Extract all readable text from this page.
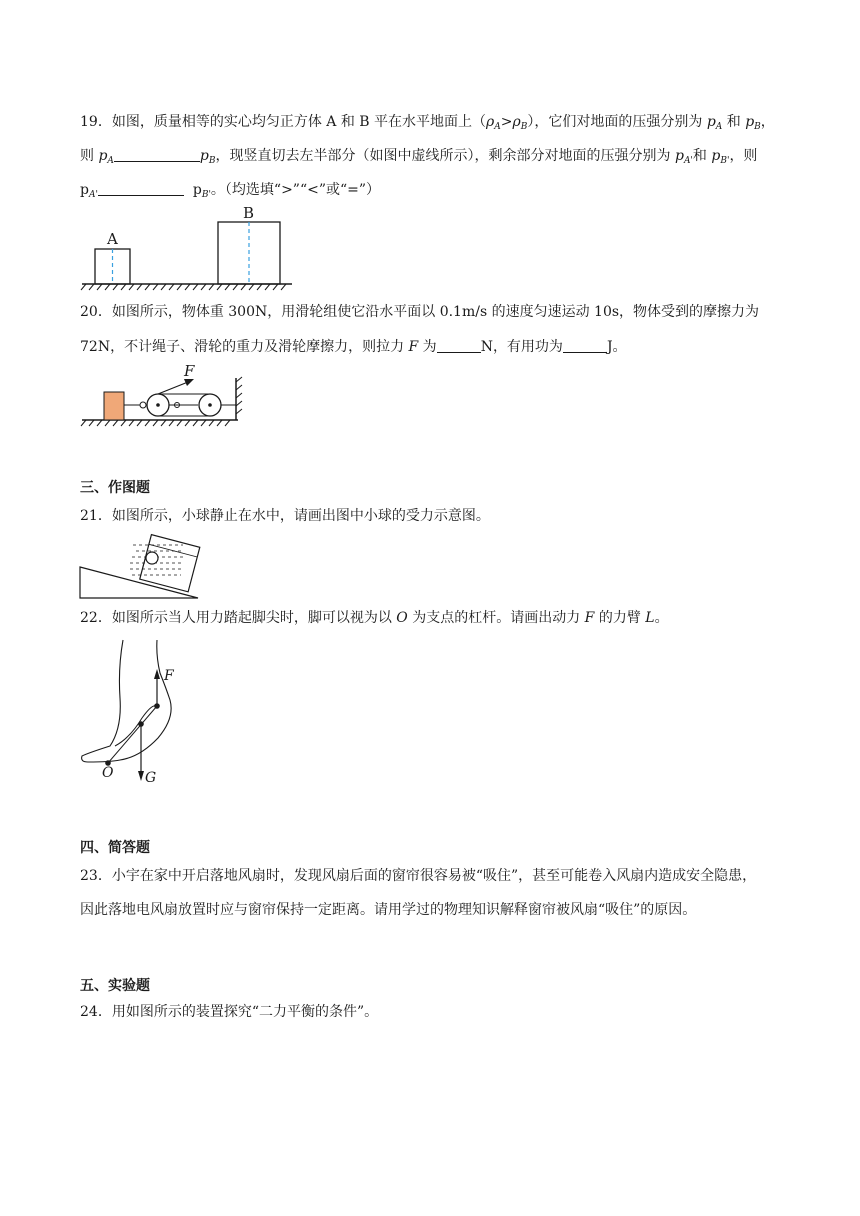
19．如图，质量相等的实心均匀正方体 A 和 B 平在水平地面上$(\rho_A>\rho_B)$，它们对地面的压强分别为 $p_A$ 和 $p_B$，
则 $p_A$	$p_B$，现竖直切去左半部分（如图中虚线所示），剩余部分对地面的压强分别为 $p_{A'}$和 $p_{B'}$，则
$p_{A'}$	$p_{B'}$。（均选填“>”“<”或“=”）
A
B
20．如图所示，物体重 300N，用滑轮组使它沿水平面以 0.1m/s 的速度匀速运动 10s，物体受到的摩擦力为
72N，不计绳子、滑轮的重力及滑轮摩擦力，则拉力 F 为	N，有用功为	J。
F
三、作图题
21．如图所示，小球静止在水中，请画出图中小球的受力示意图。
22．如图所示当人用力踏起脚尖时，脚可以视为以 O 为支点的杠杆。请画出动力 F 的力臂 L。
F
O G
四、简答题
23．小宇在家中开启落地风扇时，发现风扇后面的窗帘很容易被“吸住”，甚至可能卷入风扇内造成安全隐患，
因此落地电风扇放置时应与窗帘保持一定距离。请用学过的物理知识解释窗帘被风扇“吸住”的原因。
五、实验题
24．用如图所示的装置探究“二力平衡的条件”。
